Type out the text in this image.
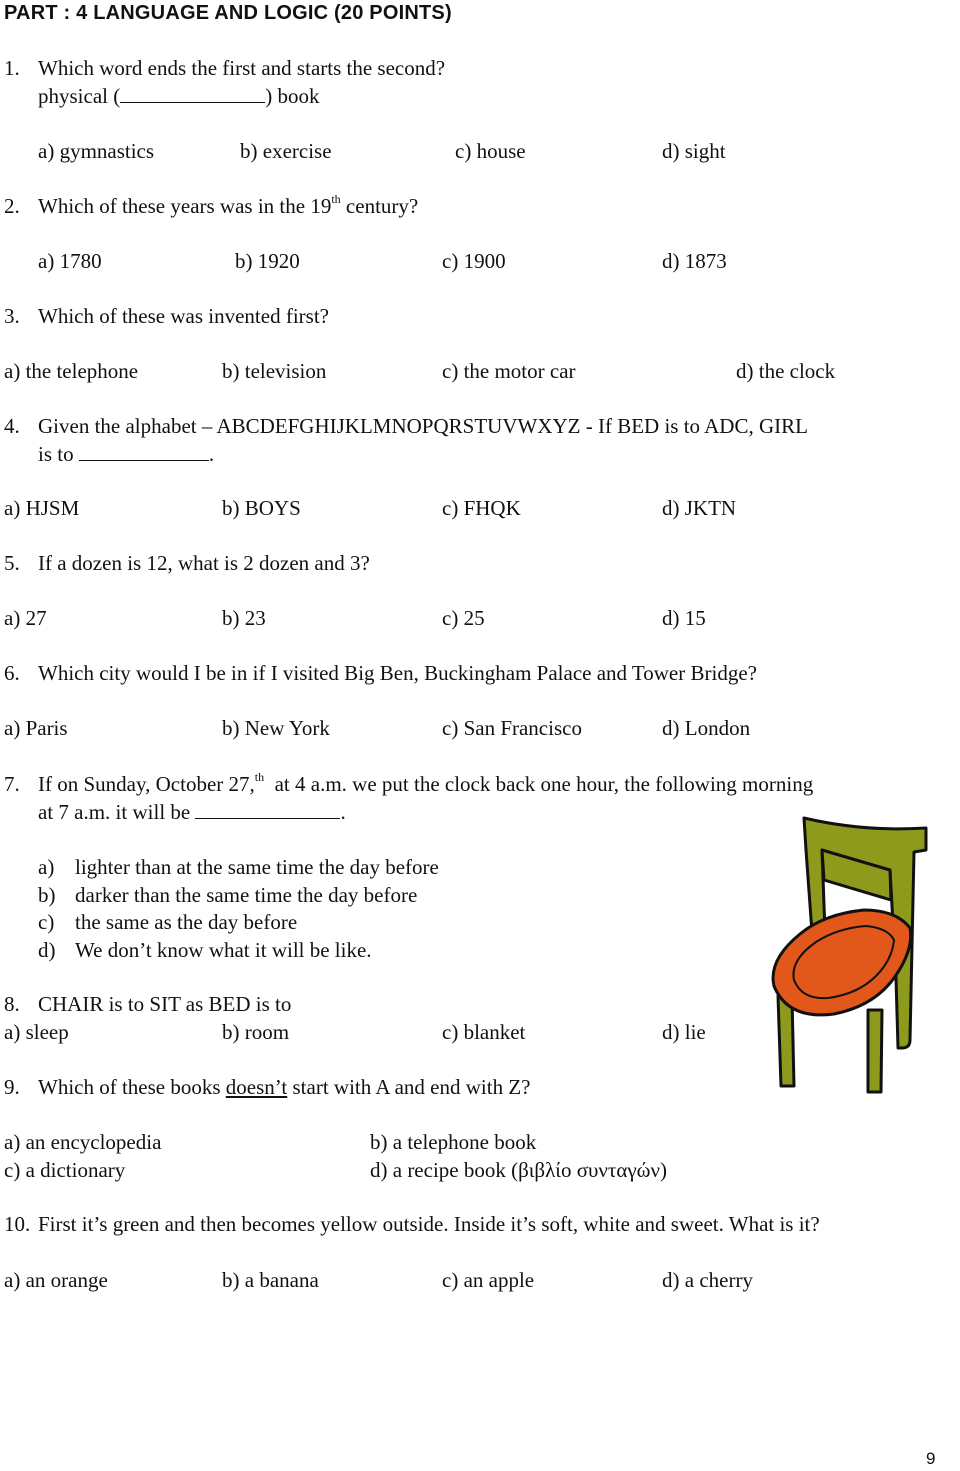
PART : 4 LANGUAGE AND LOGIC (20 POINTS)
1. Which word ends the first and starts the second?
physical (	) book
a) gymnastics	b) exercise	c) house	d) sight
2. Which of these years was in the 19th century?
a) 1780	b) 1920	c) 1900	d) 1873
3. Which of these was invented first?
a) the telephone	b) television	c) the motor car	d) the clock
4. Given the alphabet – ABCDEFGHIJKLMNOPQRSTUVWXYZ - If BED is to ADC, GIRL
is to	.
a) HJSM	b) BOYS	c) FHQK	d) JKTN
5. If a dozen is 12, what is 2 dozen and 3?
a) 27	b) 23	c) 25	d) 15
6. Which city would I be in if I visited Big Ben, Buckingham Palace and Tower Bridge?
a) Paris	b) New York	c) San Francisco	d) London
7. If on Sunday, October 27,$^{th}$  at 4 a.m. we put the clock back one hour, the following morning
at 7 a.m. it will be	.
a) lighter than at the same time the day before
b) darker than the same time the day before
c) the same as the day before
d) We don’t know what it will be like.
8. CHAIR is to SIT as BED is to
a) sleep	b) room	c) blanket	d) lie
9. Which of these books doesn’t start with A and end with Z?
a) an encyclopedia	b) a telephone book
c) a dictionary	d) a recipe book (βιβλίο συνταγών)
10. First it’s green and then becomes yellow outside. Inside it’s soft, white and sweet. What is it?
a) an orange	b) a banana	c) an apple	d) a cherry
9
